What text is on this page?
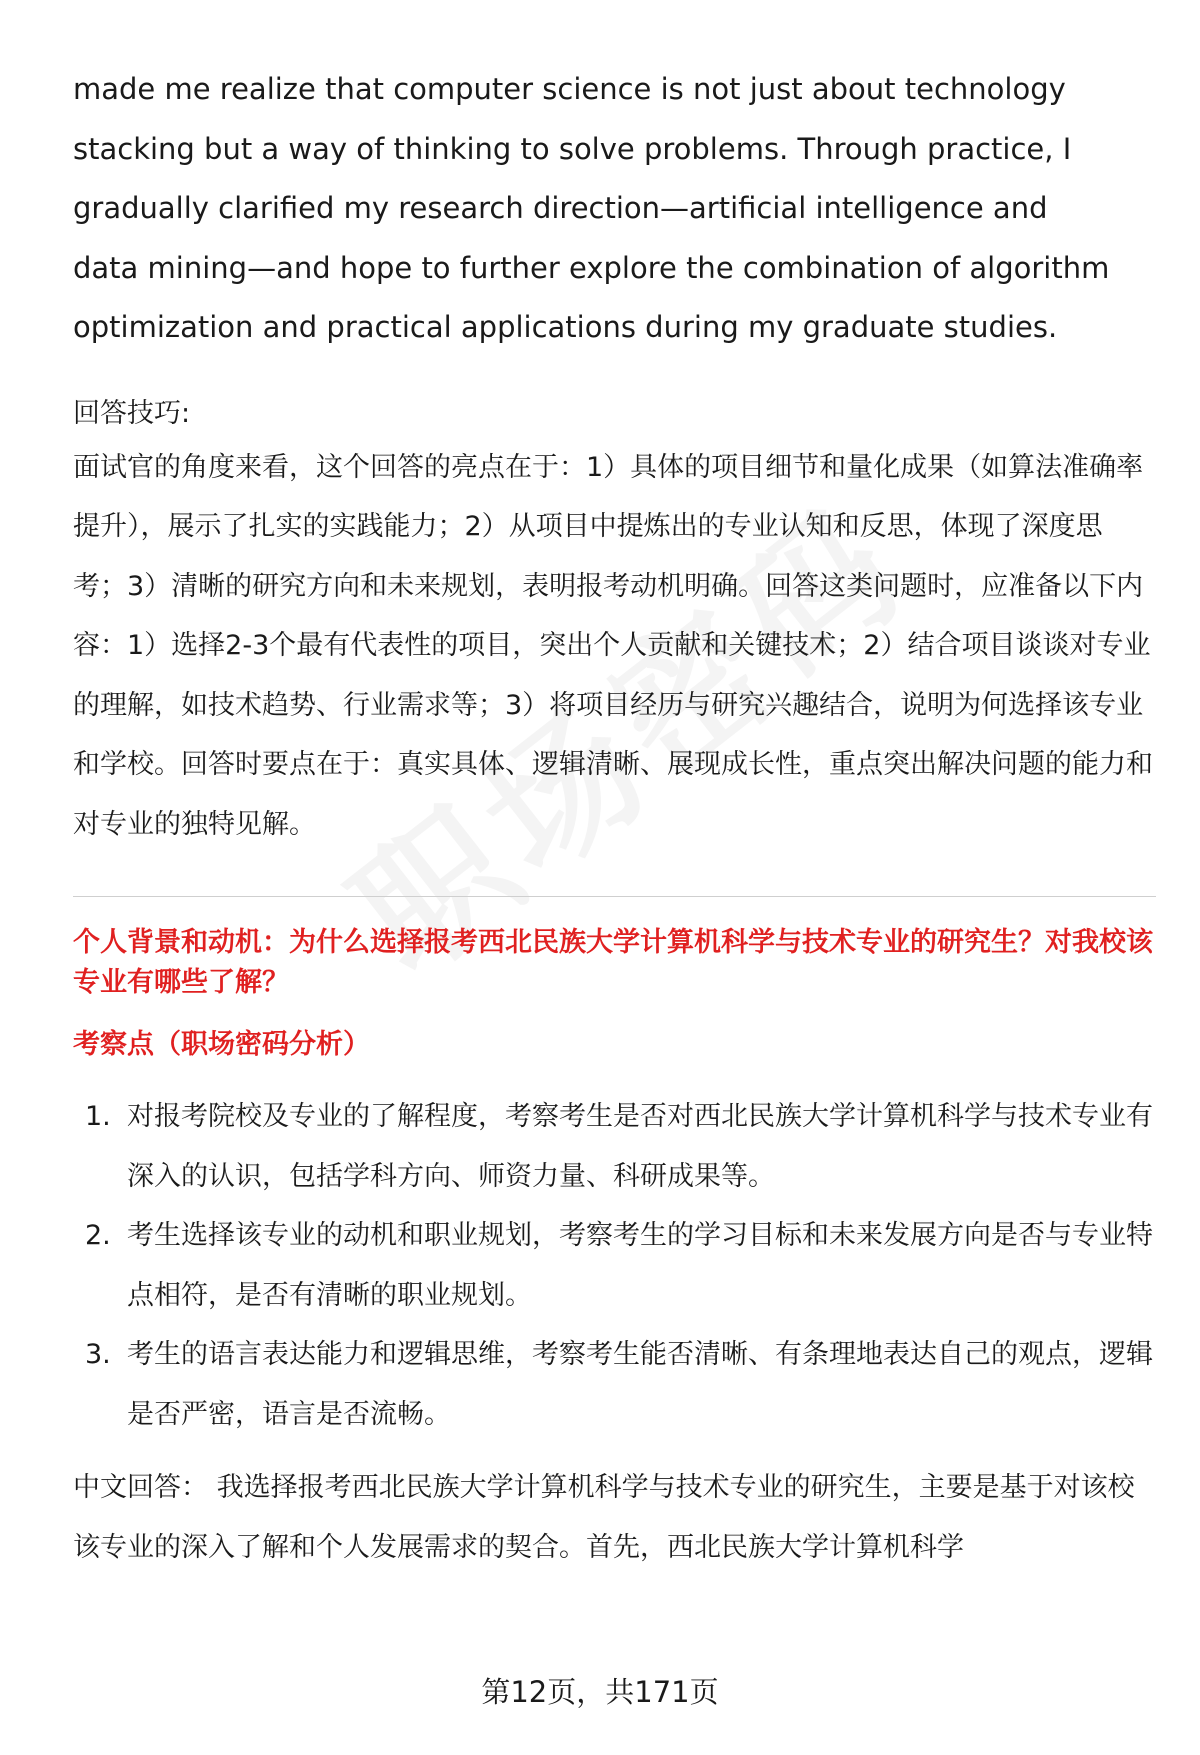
made me realize that computer science is not just about technology stacking but a way of thinking to solve problems. Through practice, I gradually clarified my research direction—artificial intelligence and data mining—and hope to further explore the combination of algorithm optimization and practical applications during my graduate studies.

回答技巧:

面试官的角度来看，这个回答的亮点在于：1）具体的项目细节和量化成果（如算法准确率提升），展示了扎实的实践能力；2）从项目中提炼出的专业认知和反思，体现了深度思考；3）清晰的研究方向和未来规划，表明报考动机明确。回答这类问题时，应准备以下内容：1）选择2-3个最有代表性的项目，突出个人贡献和关键技术；2）结合项目谈谈对专业的理解，如技术趋势、行业需求等；3）将项目经历与研究兴趣结合，说明为何选择该专业和学校。回答时要点在于：真实具体、逻辑清晰、展现成长性，重点突出解决问题的能力和对专业的独特见解。

个人背景和动机：为什么选择报考西北民族大学计算机科学与技术专业的研究生？对我校该专业有哪些了解？
考察点（职场密码分析）
1. 对报考院校及专业的了解程度，考察考生是否对西北民族大学计算机科学与技术专业有深入的认识，包括学科方向、师资力量、科研成果等。
2. 考生选择该专业的动机和职业规划，考察考生的学习目标和未来发展方向是否与专业特点相符，是否有清晰的职业规划。
3. 考生的语言表达能力和逻辑思维，考察考生能否清晰、有条理地表达自己的观点，逻辑是否严密，语言是否流畅。

中文回答： 我选择报考西北民族大学计算机科学与技术专业的研究生，主要是基于对该校该专业的深入了解和个人发展需求的契合。首先，西北民族大学计算机科学

第12页，共171页
